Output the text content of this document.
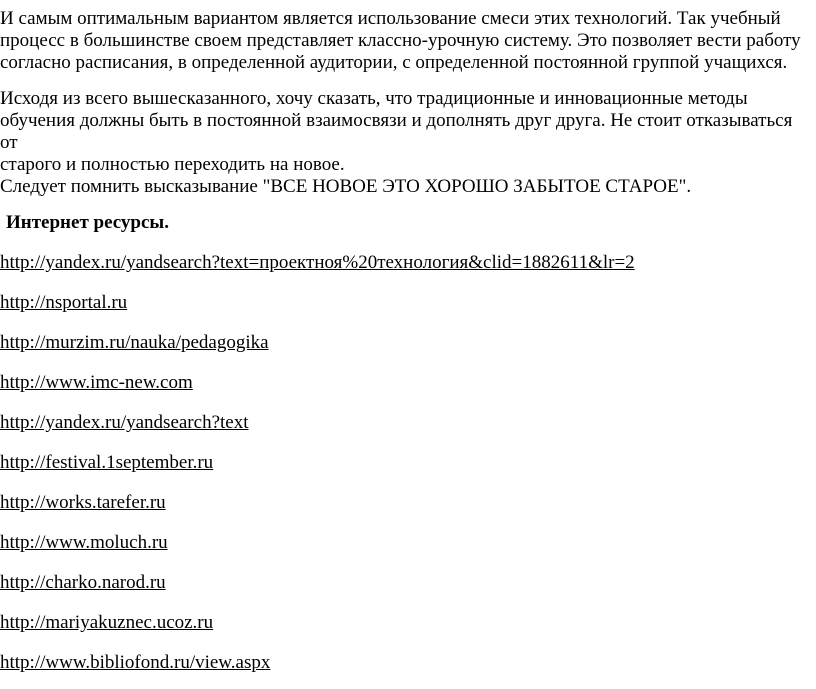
И самым оптимальным вариантом является использование смеси этих технологий. Так учебный

процесс в большинстве своем представляет классно-урочную систему. Это позволяет вести работу

согласно расписания, в определенной аудитории, с определенной постоянной группой учащихся.

Исходя из всего вышесказанного, хочу сказать, что традиционные и инновационные методы

обучения должны быть в постоянной взаимосвязи и дополнять друг друга. Не стоит отказываться от

старого и полностью переходить на новое.

Следует помнить высказывание "ВСЕ НОВОЕ ЭТО ХОРОШО ЗАБЫТОЕ СТАРОЕ".

Интернет ресурсы.
http://yandex.ru/yandsearch?text=проектноя%20технология&clid=1882611&lr=2
http://nsportal.ru
http://murzim.ru/nauka/pedagogika
http://www.imc-new.com
http://yandex.ru/yandsearch?text
http://festival.1september.ru
http://works.tarefer.ru
http://www.moluch.ru
http://charko.narod.ru
http://mariyakuznec.ucoz.ru
http://www.bibliofond.ru/view.aspx
